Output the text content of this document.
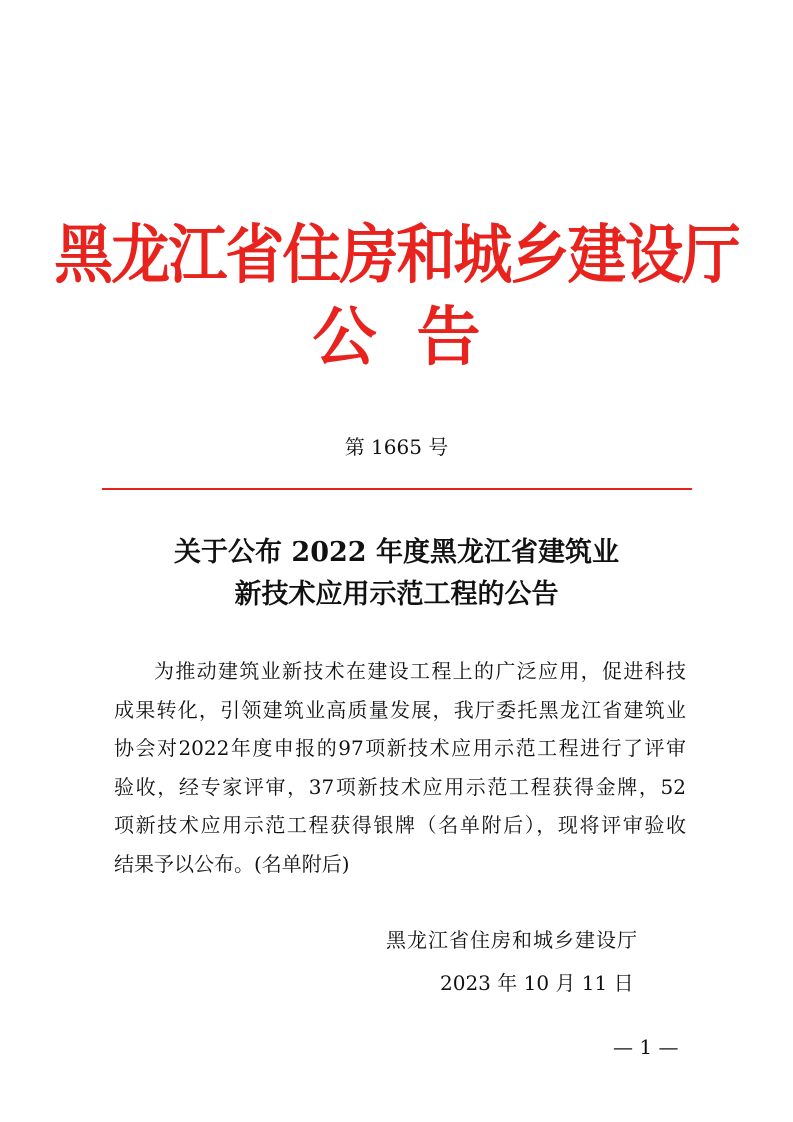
黑龙江省住房和城乡建设厅
公告
第 1665 号
关于公布 2022 年度黑龙江省建筑业
新技术应用示范工程的公告
为推动建筑业新技术在建设工程上的广泛应用，促进科技
成果转化，引领建筑业高质量发展，我厅委托黑龙江省建筑业
协会对2022年度申报的97项新技术应用示范工程进行了评审
验收，经专家评审，37项新技术应用示范工程获得金牌，52
项新技术应用示范工程获得银牌（名单附后），现将评审验收
结果予以公布。(名单附后)
黑龙江省住房和城乡建设厅
2023 年 10 月 11 日
— 1 —
